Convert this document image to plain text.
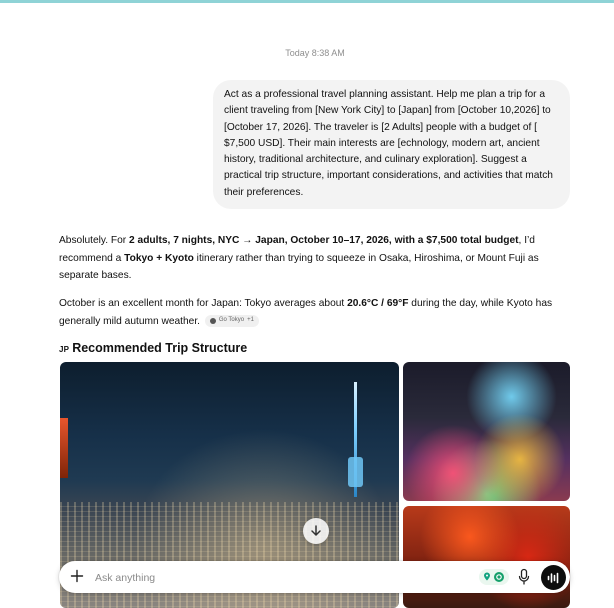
Today 8:38 AM
Act as a professional travel planning assistant. Help me plan a trip for a client traveling from [New York City] to [Japan] from [October 10,2026] to [October 17, 2026]. The traveler is [2 Adults] people with a budget of [ $7,500 USD]. Their main interests are [echnology, modern art, ancient history, traditional architecture, and culinary exploration]. Suggest a practical trip structure, important considerations, and activities that match their preferences.
Absolutely. For 2 adults, 7 nights, NYC → Japan, October 10–17, 2026, with a $7,500 total budget, I’d recommend a Tokyo + Kyoto itinerary rather than trying to squeeze in Osaka, Hiroshima, or Mount Fuji as separate bases.
October is an excellent month for Japan: Tokyo averages about 20.6°C / 69°F during the day, while Kyoto has generally mild autumn weather.	Go Tokyo +1
JP Recommended Trip Structure
Ask anything
